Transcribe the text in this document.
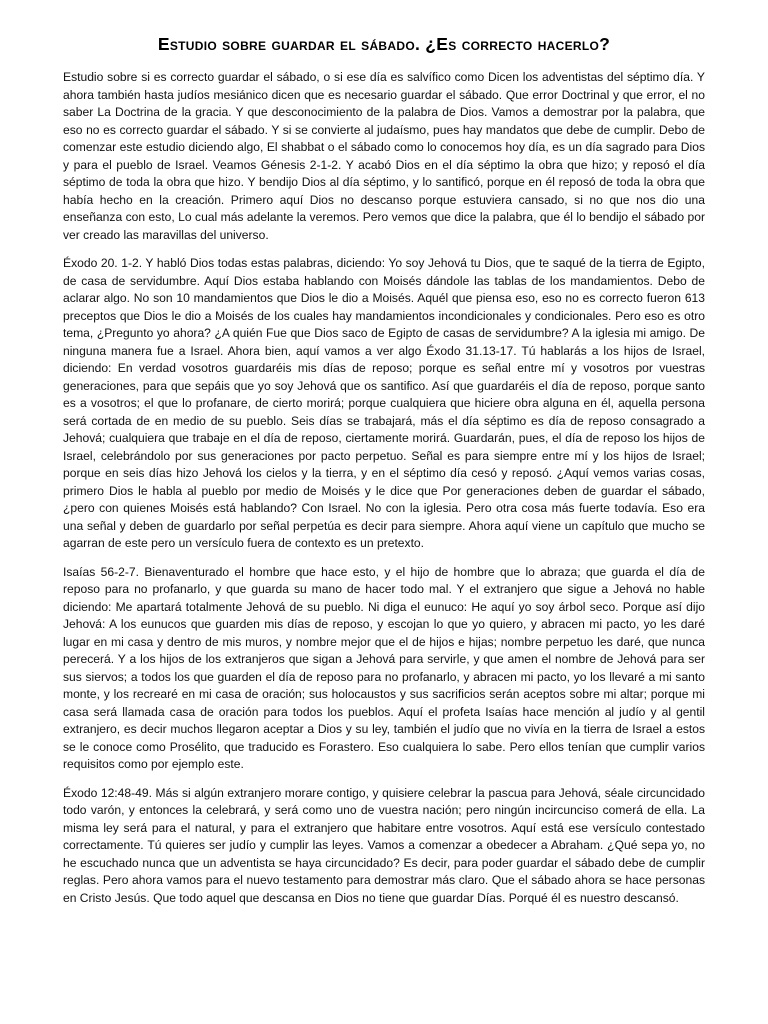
Estudio sobre guardar el sábado. ¿Es correcto hacerlo?

Estudio sobre si es correcto guardar el sábado, o si ese día es salvífico como Dicen los adventistas del séptimo día. Y ahora también hasta judíos mesiánico dicen que es necesario guardar el sábado. Que error Doctrinal y que error, el no saber La Doctrina de la gracia. Y que desconocimiento de la palabra de Dios. Vamos a demostrar por la palabra, que eso no es correcto guardar el sábado. Y si se convierte al judaísmo, pues hay mandatos que debe de cumplir. Debo de comenzar este estudio diciendo algo, El shabbat o el sábado como lo conocemos hoy día, es un día sagrado para Dios y para el pueblo de Israel. Veamos Génesis 2-1-2. Y acabó Dios en el día séptimo la obra que hizo; y reposó el día séptimo de toda la obra que hizo. Y bendijo Dios al día séptimo, y lo santificó, porque en él reposó de toda la obra que había hecho en la creación. Primero aquí Dios no descanso porque estuviera cansado, si no que nos dio una enseñanza con esto, Lo cual más adelante la veremos. Pero vemos que dice la palabra, que él lo bendijo el sábado por ver creado las maravillas del universo.

Éxodo 20. 1-2. Y habló Dios todas estas palabras, diciendo: Yo soy Jehová tu Dios, que te saqué de la tierra de Egipto, de casa de servidumbre. Aquí Dios estaba hablando con Moisés dándole las tablas de los mandamientos. Debo de aclarar algo. No son 10 mandamientos que Dios le dio a Moisés. Aquél que piensa eso, eso no es correcto fueron 613 preceptos que Dios le dio a Moisés de los cuales hay mandamientos incondicionales y condicionales. Pero eso es otro tema, ¿Pregunto yo ahora? ¿A quién Fue que Dios saco de Egipto de casas de servidumbre? A la iglesia mi amigo. De ninguna manera fue a Israel. Ahora bien, aquí vamos a ver algo Éxodo 31.13-17. Tú hablarás a los hijos de Israel, diciendo: En verdad vosotros guardaréis mis días de reposo; porque es señal entre mí y vosotros por vuestras generaciones, para que sepáis que yo soy Jehová que os santifico. Así que guardaréis el día de reposo, porque santo es a vosotros; el que lo profanare, de cierto morirá; porque cualquiera que hiciere obra alguna en él, aquella persona será cortada de en medio de su pueblo. Seis días se trabajará, más el día séptimo es día de reposo consagrado a Jehová; cualquiera que trabaje en el día de reposo, ciertamente morirá. Guardarán, pues, el día de reposo los hijos de Israel, celebrándolo por sus generaciones por pacto perpetuo. Señal es para siempre entre mí y los hijos de Israel; porque en seis días hizo Jehová los cielos y la tierra, y en el séptimo día cesó y reposó. ¿Aquí vemos varias cosas, primero Dios le habla al pueblo por medio de Moisés y le dice que Por generaciones deben de guardar el sábado, ¿pero con quienes Moisés está hablando? Con Israel. No con la iglesia. Pero otra cosa más fuerte todavía. Eso era una señal y deben de guardarlo por señal perpetúa es decir para siempre. Ahora aquí viene un capítulo que mucho se agarran de este pero un versículo fuera de contexto es un pretexto.

Isaías 56-2-7. Bienaventurado el hombre que hace esto, y el hijo de hombre que lo abraza; que guarda el día de reposo para no profanarlo, y que guarda su mano de hacer todo mal. Y el extranjero que sigue a Jehová no hable diciendo: Me apartará totalmente Jehová de su pueblo. Ni diga el eunuco: He aquí yo soy árbol seco. Porque así dijo Jehová: A los eunucos que guarden mis días de reposo, y escojan lo que yo quiero, y abracen mi pacto, yo les daré lugar en mi casa y dentro de mis muros, y nombre mejor que el de hijos e hijas; nombre perpetuo les daré, que nunca perecerá. Y a los hijos de los extranjeros que sigan a Jehová para servirle, y que amen el nombre de Jehová para ser sus siervos; a todos los que guarden el día de reposo para no profanarlo, y abracen mi pacto, yo los llevaré a mi santo monte, y los recrearé en mi casa de oración; sus holocaustos y sus sacrificios serán aceptos sobre mi altar; porque mi casa será llamada casa de oración para todos los pueblos. Aquí el profeta Isaías hace mención al judío y al gentil extranjero, es decir muchos llegaron aceptar a Dios y su ley, también el judío que no vivía en la tierra de Israel a estos se le conoce como Prosélito, que traducido es Forastero. Eso cualquiera lo sabe. Pero ellos tenían que cumplir varios requisitos como por ejemplo este.

Éxodo 12:48-49. Más si algún extranjero morare contigo, y quisiere celebrar la pascua para Jehová, séale circuncidado todo varón, y entonces la celebrará, y será como uno de vuestra nación; pero ningún incircunciso comerá de ella. La misma ley será para el natural, y para el extranjero que habitare entre vosotros. Aquí está ese versículo contestado correctamente. Tú quieres ser judío y cumplir las leyes. Vamos a comenzar a obedecer a Abraham. ¿Qué sepa yo, no he escuchado nunca que un adventista se haya circuncidado? Es decir, para poder guardar el sábado debe de cumplir reglas. Pero ahora vamos para el nuevo testamento para demostrar más claro. Que el sábado ahora se hace personas en Cristo Jesús. Que todo aquel que descansa en Dios no tiene que guardar Días. Porqué él es nuestro descansó.
